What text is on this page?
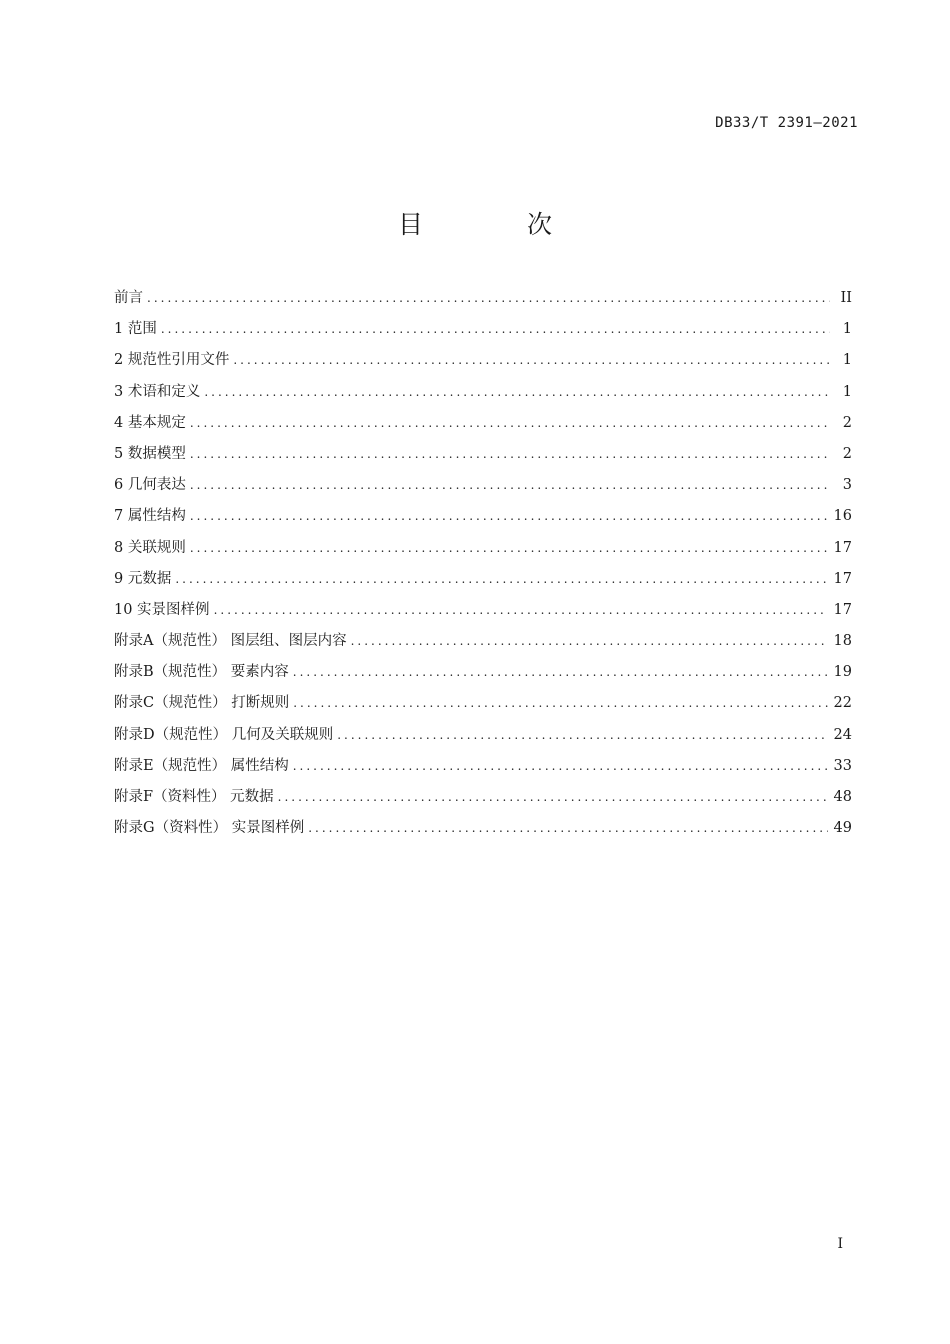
DB33/T 2391—2021
目 次
前言 .....	II
1 范围 .....	1
2 规范性引用文件 .....	1
3 术语和定义 .....	1
4 基本规定 .....	2
5 数据模型 .....	2
6 几何表达 .....	3
7 属性结构 .....	16
8 关联规则 .....	17
9 元数据 .....	17
10 实景图样例 .....	17
附录A（规范性） 图层组、图层内容 .....	18
附录B（规范性） 要素内容 .....	19
附录C（规范性） 打断规则 .....	22
附录D（规范性） 几何及关联规则 .....	24
附录E（规范性） 属性结构 .....	33
附录F（资料性） 元数据 .....	48
附录G（资料性） 实景图样例 .....	49
I
